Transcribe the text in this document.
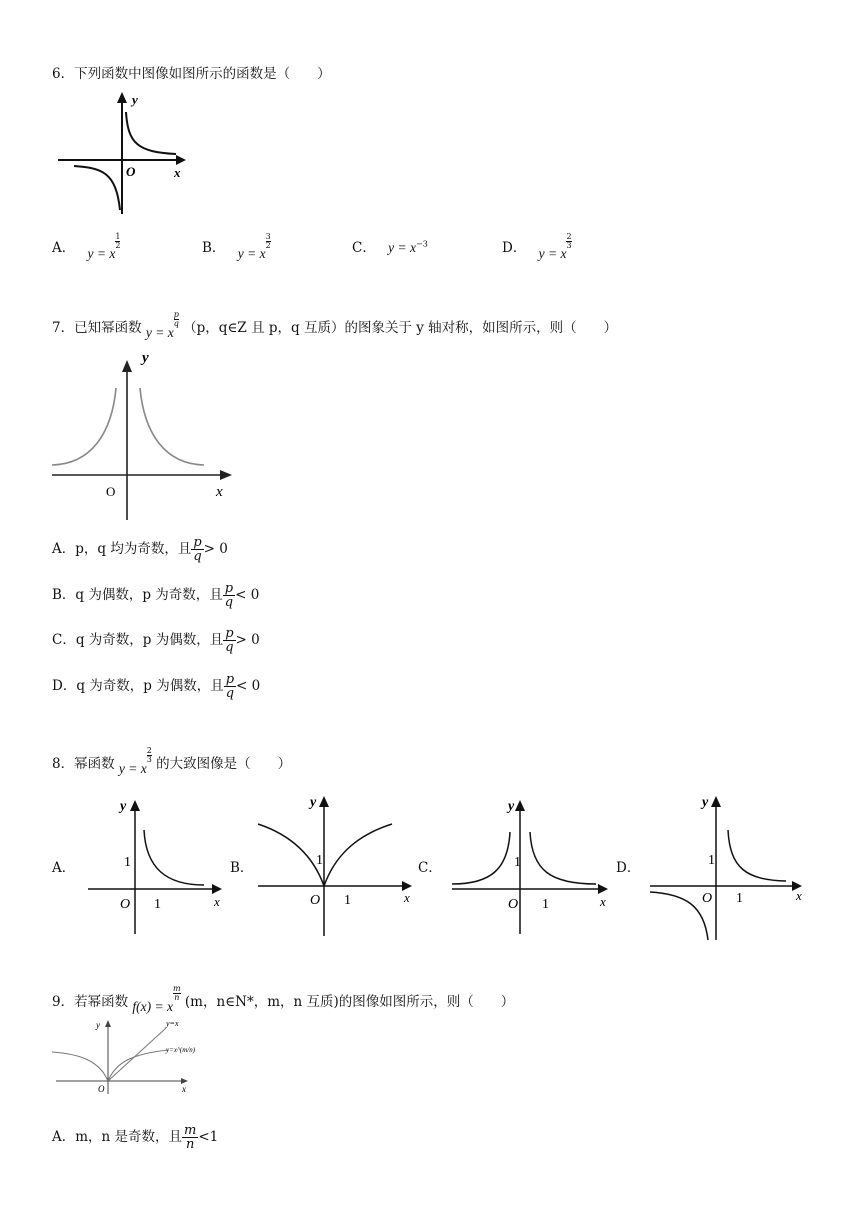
6．下列函数中图像如图所示的函数是（　　）
y
x
O
A． y = x
$\frac{1}{2}$	B． y = x
$\frac{3}{2}$	C． $y = x^{-3}$	D． y = x
$\frac{2}{3}$
7．已知幂函数 y = x
$\frac{p}{q} (p$，q∈Z 且 p，q 互质）的图象关于 y 轴对称，如图所示，则（　　）
y
x
O
A．p，q 均为奇数，且 $\frac{p}{q} > 0$
B．q 为偶数，p 为奇数，且 $\frac{p}{q} < 0$
C．q 为奇数，p 为偶数，且 $\frac{p}{q} > 0$
D．q 为奇数，p 为偶数，且 $\frac{p}{q} < 0$
8．幂函数 y = x
$\frac{2}{3}$ 的大致图像是（　　）
A．
y
x
O 1
1	B．
y
x
O 1
1	C．
y
x
O 1
1	D．
y
x
O 1
1
9．若幂函数 f(x) = x
$\frac{m}{n} (m$，n∈N*，m，n 互质)的图像如图所示，则（　　）
y
x
O
y=x
y=x^(m/n)
A．m，n 是奇数，且 $\frac{m}{n} <1$
